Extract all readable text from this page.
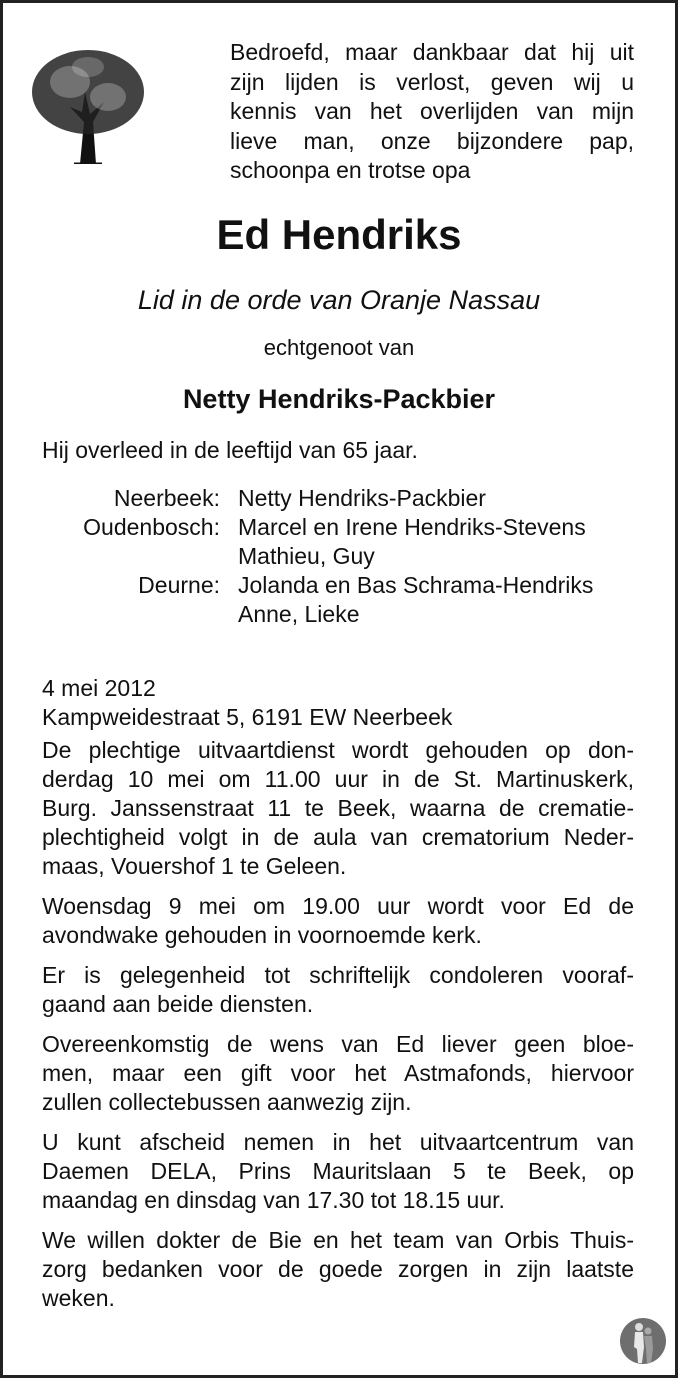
Bedroefd, maar dankbaar dat hij uit
zijn lijden is verlost, geven wij u
kennis van het overlijden van mijn
lieve man, onze bijzondere pap,
schoonpa en trotse opa
Ed Hendriks
Lid in de orde van Oranje Nassau
echtgenoot van
Netty Hendriks-Packbier
Hij overleed in de leeftijd van 65 jaar.
Neerbeek: Netty Hendriks-Packbier
Oudenbosch: Marcel en Irene Hendriks-Stevens
Mathieu, Guy
Deurne: Jolanda en Bas Schrama-Hendriks
Anne, Lieke
4 mei 2012
Kampweidestraat 5, 6191 EW Neerbeek
De plechtige uitvaartdienst wordt gehouden op don-
derdag 10 mei om 11.00 uur in de St. Martinuskerk,
Burg. Janssenstraat 11 te Beek, waarna de crematie-
plechtigheid volgt in de aula van crematorium Neder-
maas, Vouershof 1 te Geleen.
Woensdag 9 mei om 19.00 uur wordt voor Ed de
avondwake gehouden in voornoemde kerk.
Er is gelegenheid tot schriftelijk condoleren vooraf-
gaand aan beide diensten.
Overeenkomstig de wens van Ed liever geen bloe-
men, maar een gift voor het Astmafonds, hiervoor
zullen collectebussen aanwezig zijn.
U kunt afscheid nemen in het uitvaartcentrum van
Daemen DELA, Prins Mauritslaan 5 te Beek, op
maandag en dinsdag van 17.30 tot 18.15 uur.
We willen dokter de Bie en het team van Orbis Thuis-
zorg bedanken voor de goede zorgen in zijn laatste
weken.
